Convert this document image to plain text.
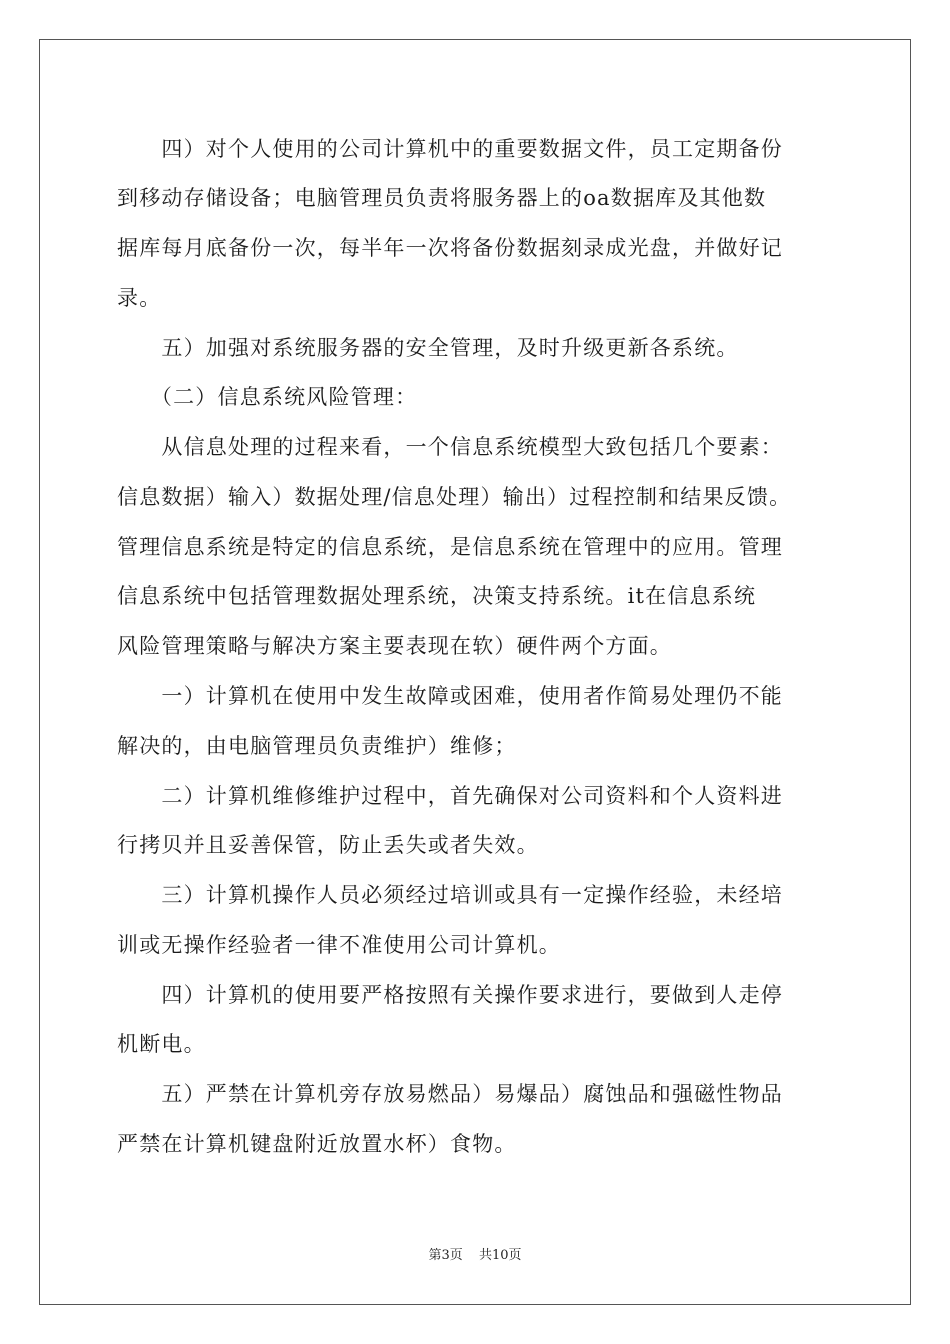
　　四）对个人使用的公司计算机中的重要数据文件，员工定期备份
到移动存储设备；电脑管理员负责将服务器上的oa数据库及其他数
据库每月底备份一次，每半年一次将备份数据刻录成光盘，并做好记
录。
　　五）加强对系统服务器的安全管理，及时升级更新各系统。
　　（二）信息系统风险管理：
　　从信息处理的过程来看，一个信息系统模型大致包括几个要素：
信息数据）输入）数据处理/信息处理）输出）过程控制和结果反馈。
管理信息系统是特定的信息系统，是信息系统在管理中的应用。管理
信息系统中包括管理数据处理系统，决策支持系统。it在信息系统
风险管理策略与解决方案主要表现在软）硬件两个方面。
　　一）计算机在使用中发生故障或困难，使用者作简易处理仍不能
解决的，由电脑管理员负责维护）维修；
　　二）计算机维修维护过程中，首先确保对公司资料和个人资料进
行拷贝并且妥善保管，防止丢失或者失效。
　　三）计算机操作人员必须经过培训或具有一定操作经验，未经培
训或无操作经验者一律不准使用公司计算机。
　　四）计算机的使用要严格按照有关操作要求进行，要做到人走停
机断电。
　　五）严禁在计算机旁存放易燃品）易爆品）腐蚀品和强磁性物品
严禁在计算机键盘附近放置水杯）食物。
第3页 共10页
